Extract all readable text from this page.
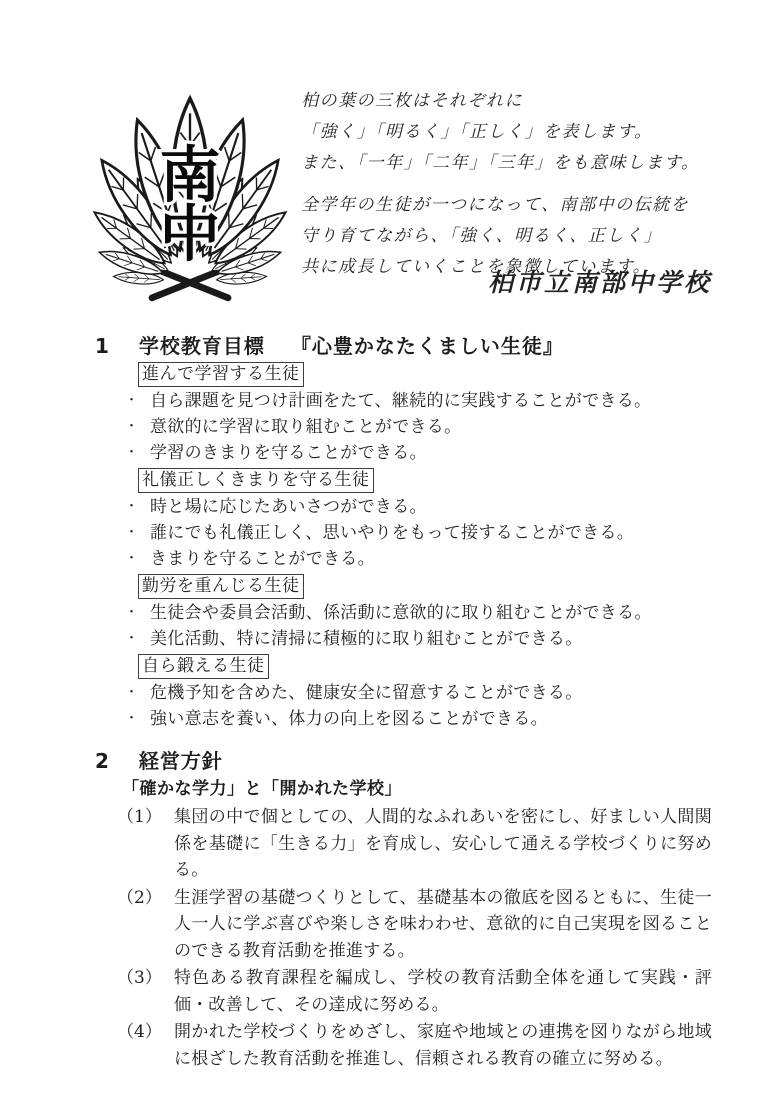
南
中

柏の葉の三枚はそれぞれに

「強く」「明るく」「正しく」を表します。

また、「一年」「二年」「三年」をも意味します。

全学年の生徒が一つになって、南部中の伝統を

守り育てながら、「強く、明るく、正しく」

共に成長していくことを象徴しています。

柏市立南部中学校
1 学校教育目標 『心豊かなたくましい生徒』
進んで学習する生徒
・ 自ら課題を見つけ計画をたて、継続的に実践することができる。
・ 意欲的に学習に取り組むことができる。
・ 学習のきまりを守ることができる。
礼儀正しくきまりを守る生徒
・ 時と場に応じたあいさつができる。
・ 誰にでも礼儀正しく、思いやりをもって接することができる。
・ きまりを守ることができる。
勤労を重んじる生徒
・ 生徒会や委員会活動、係活動に意欲的に取り組むことができる。
・ 美化活動、特に清掃に積極的に取り組むことができる。
自ら鍛える生徒
・ 危機予知を含めた、健康安全に留意することができる。
・ 強い意志を養い、体力の向上を図ることができる。
2 経営方針
「確かな学力」と「開かれた学校」
（1） 集団の中で個としての、人間的なふれあいを密にし、好ましい人間関係を基礎に「生きる力」を育成し、安心して通える学校づくりに努める。
（2） 生涯学習の基礎つくりとして、基礎基本の徹底を図るともに、生徒一人一人に学ぶ喜びや楽しさを味わわせ、意欲的に自己実現を図ることのできる教育活動を推進する。
（3） 特色ある教育課程を編成し、学校の教育活動全体を通して実践・評価・改善して、その達成に努める。
（4） 開かれた学校づくりをめざし、家庭や地域との連携を図りながら地域に根ざした教育活動を推進し、信頼される教育の確立に努める。
